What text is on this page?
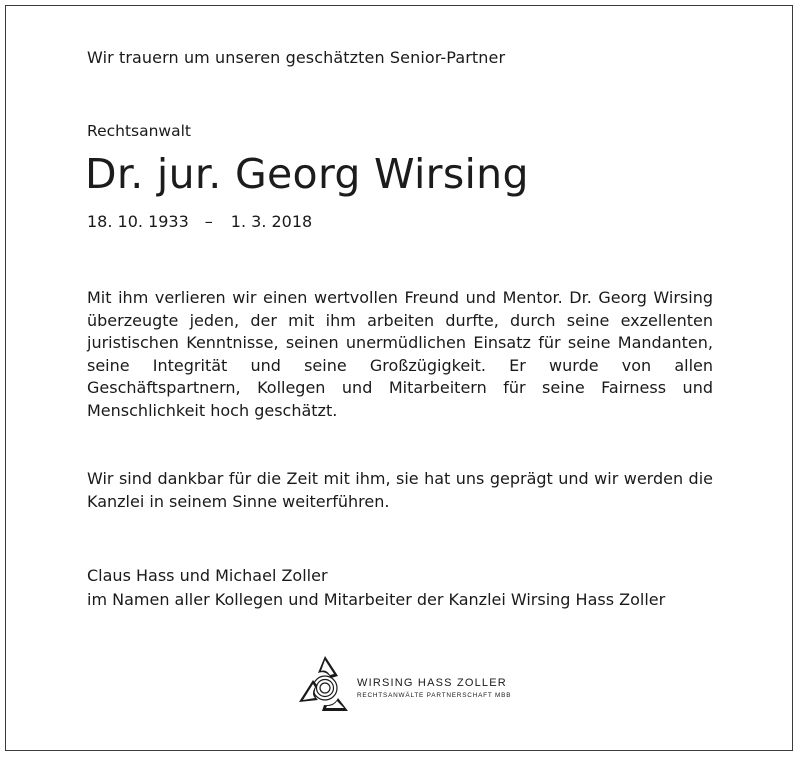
Wir trauern um unseren geschätzten Senior-Partner
Rechtsanwalt
Dr. jur. Georg Wirsing
18. 10. 1933 – 1. 3. 2018

Mit ihm verlieren wir einen wertvollen Freund und Mentor. Dr. Georg Wirsing überzeugte jeden, der mit ihm arbeiten durfte, durch seine exzellenten juristischen Kenntnisse, seinen unermüdlichen Einsatz für seine Mandanten, seine Integrität und seine Großzügigkeit. Er wurde von allen Geschäftspartnern, Kollegen und Mitarbeitern für seine Fairness und Menschlichkeit hoch geschätzt.

Wir sind dankbar für die Zeit mit ihm, sie hat uns geprägt und wir werden die Kanzlei in seinem Sinne weiterführen.

Claus Hass und Michael Zoller
im Namen aller Kollegen und Mitarbeiter der Kanzlei Wirsing Hass Zoller
WIRSING HASS ZOLLER
RECHTSANWÄLTE PARTNERSCHAFT MBB
